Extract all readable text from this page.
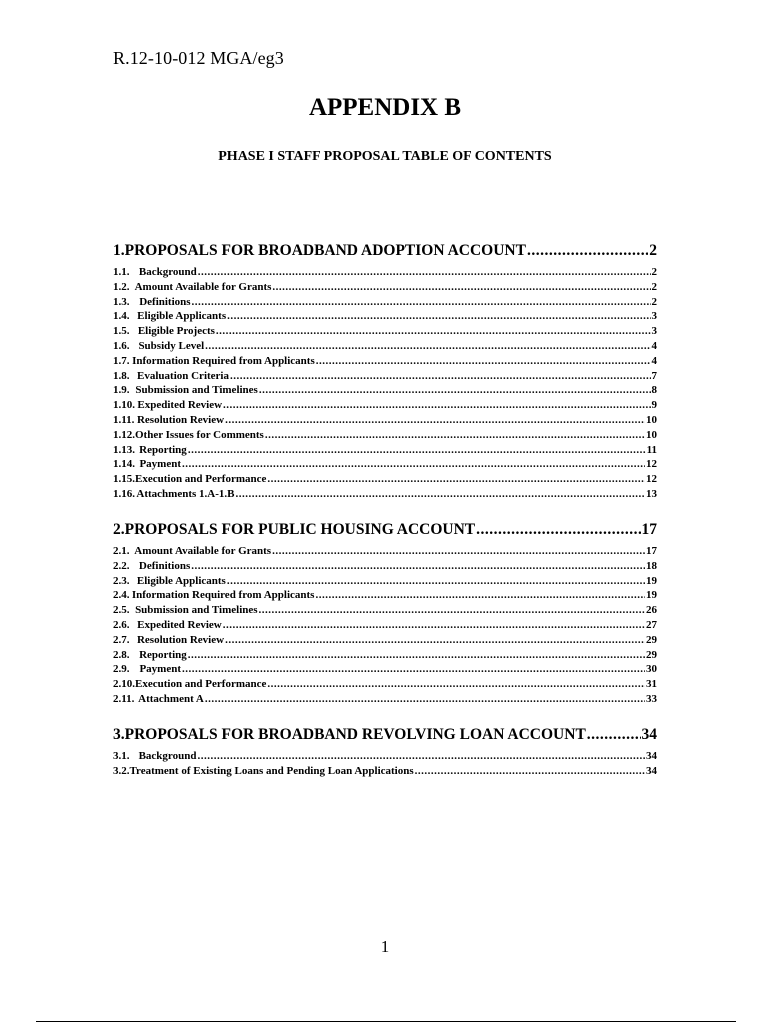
R.12-10-012 MGA/eg3
APPENDIX B
PHASE I STAFF PROPOSAL TABLE OF CONTENTS
1. PROPOSALS FOR BROADBAND ADOPTION ACCOUNT .....	2
1.1. Background .....	2
1.2. Amount Available for Grants .....	2
1.3. Definitions .....	2
1.4. Eligible Applicants .....	3
1.5. Eligible Projects .....	3
1.6. Subsidy Level .....	4
1.7. Information Required from Applicants .....	4
1.8. Evaluation Criteria .....	7
1.9. Submission and Timelines .....	8
1.10. Expedited Review .....	9
1.11. Resolution Review .....	10
1.12. Other Issues for Comments .....	10
1.13. Reporting .....	11
1.14. Payment .....	12
1.15. Execution and Performance .....	12
1.16. Attachments 1.A-1.B .....	13
2. PROPOSALS FOR PUBLIC HOUSING ACCOUNT .....	17
2.1. Amount Available for Grants .....	17
2.2. Definitions .....	18
2.3. Eligible Applicants .....	19
2.4. Information Required from Applicants .....	19
2.5. Submission and Timelines .....	26
2.6. Expedited Review .....	27
2.7. Resolution Review .....	29
2.8. Reporting .....	29
2.9. Payment .....	30
2.10. Execution and Performance .....	31
2.11. Attachment A .....	33
3. PROPOSALS FOR BROADBAND REVOLVING LOAN ACCOUNT .....	34
3.1. Background .....	34
3.2. Treatment of Existing Loans and Pending Loan Applications .....	34
1
